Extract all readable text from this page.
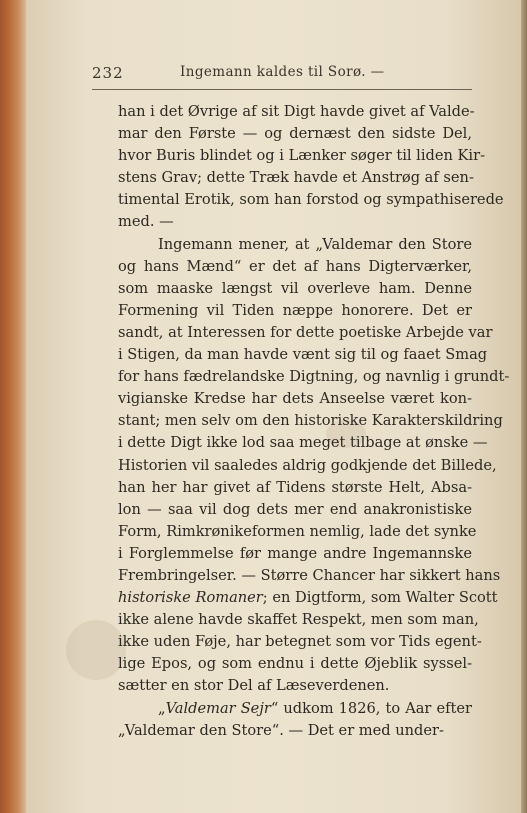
232	Ingemann kaldes til Sorø. —
han i det Øvrige af sit Digt havde givet af Valde-
mar den Første — og dernæst den sidste Del,
hvor Buris blindet og i Lænker søger til liden Kir-
stens Grav; dette Træk havde et Anstrøg af sen-
timental Erotik, som han forstod og sympathiserede
med. —
Ingemann mener, at „Valdemar den Store
og hans Mænd“ er det af hans Digterværker,
som maaske længst vil overleve ham. Denne
Formening vil Tiden næppe honorere. Det er
sandt, at Interessen for dette poetiske Arbejde var
i Stigen, da man havde vænt sig til og faaet Smag
for hans fædrelandske Digtning, og navnlig i grundt-
vigianske Kredse har dets Anseelse været kon-
stant; men selv om den historiske Karakterskildring
i dette Digt ikke lod saa meget tilbage at ønske —
Historien vil saaledes aldrig godkjende det Billede,
han her har givet af Tidens største Helt, Absa-
lon — saa vil dog dets mer end anakronistiske
Form, Rimkrønikeformen nemlig, lade det synke
i Forglemmelse før mange andre Ingemannske
Frembringelser. — Større Chancer har sikkert hans
historiske Romaner; en Digtform, som Walter Scott
ikke alene havde skaffet Respekt, men som man,
ikke uden Føje, har betegnet som vor Tids egent-
lige Epos, og som endnu i dette Øjeblik syssel-
sætter en stor Del af Læseverdenen.
„Valdemar Sejr“ udkom 1826, to Aar efter
„Valdemar den Store“. — Det er med under-
